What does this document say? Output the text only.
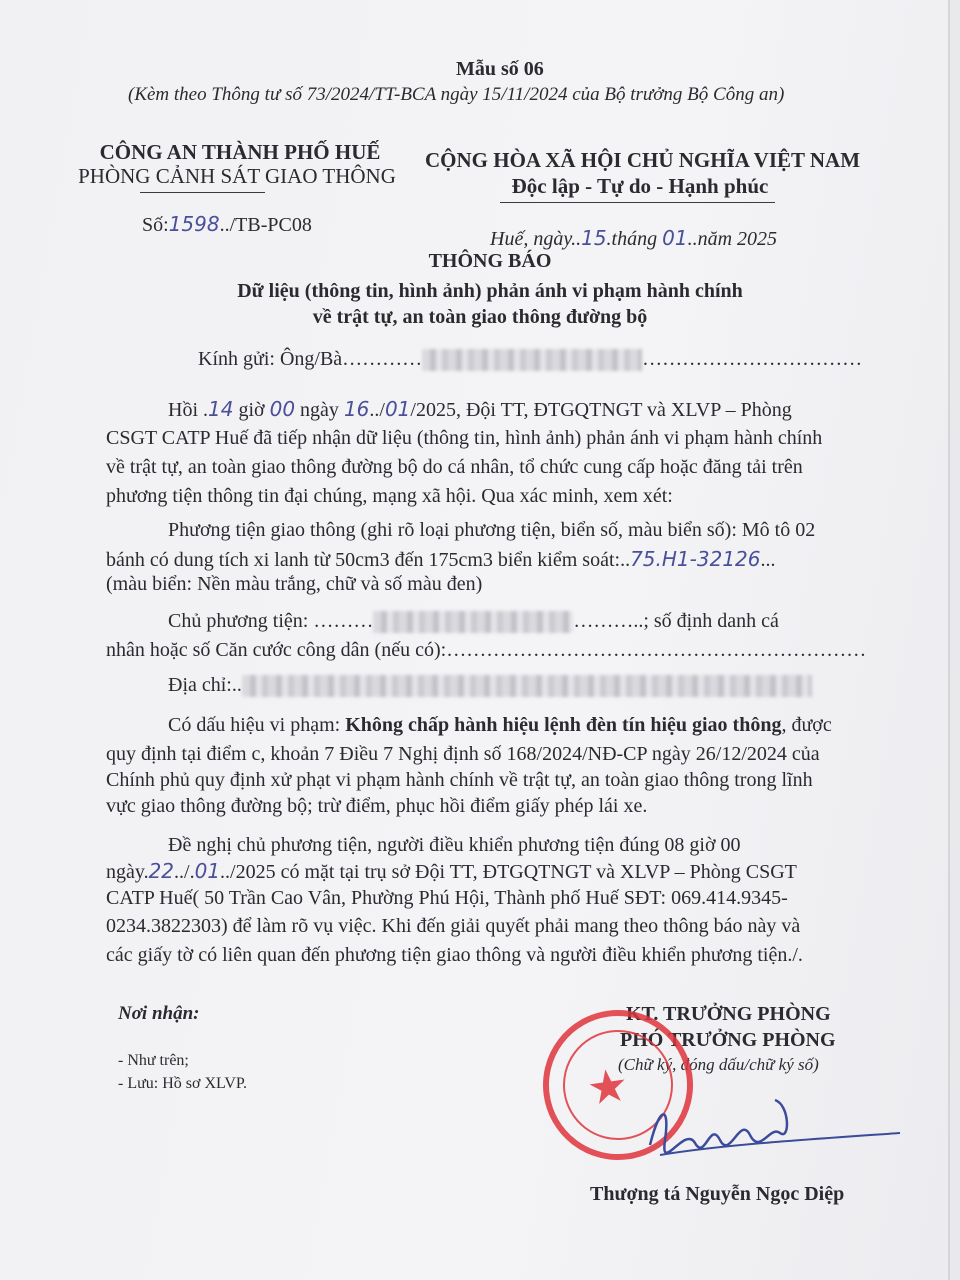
Mẫu số 06
(Kèm theo Thông tư số 73/2024/TT-BCA ngày 15/11/2024 của Bộ trưởng Bộ Công an)
CÔNG AN THÀNH PHỐ HUẾ
PHÒNG CẢNH SÁT GIAO THÔNG
Số:1598../TB-PC08
CỘNG HÒA XÃ HỘI CHỦ NGHĨA VIỆT NAM
Độc lập - Tự do - Hạnh phúc
Huế, ngày..15.tháng 01..năm 2025
THÔNG BÁO
Dữ liệu (thông tin, hình ảnh) phản ánh vi phạm hành chính
về trật tự, an toàn giao thông đường bộ
Kính gửi: Ông/Bà…………	……………………………
Hồi .14 giờ 00 ngày 16../01/2025, Đội TT, ĐTGQTNGT và XLVP – Phòng
CSGT CATP Huế đã tiếp nhận dữ liệu (thông tin, hình ảnh) phản ánh vi phạm hành chính
về trật tự, an toàn giao thông đường bộ do cá nhân, tổ chức cung cấp hoặc đăng tải trên
phương tiện thông tin đại chúng, mạng xã hội. Qua xác minh, xem xét:
Phương tiện giao thông (ghi rõ loại phương tiện, biển số, màu biển số): Mô tô 02
bánh có dung tích xi lanh từ 50cm3 đến 175cm3 biển kiểm soát:..75.H1-32126...
(màu biển: Nền màu trắng, chữ và số màu đen)
Chủ phương tiện: ………	………..; số định danh cá
nhân hoặc số Căn cước công dân (nếu có):………………………………………………………
Địa chỉ:..
Có dấu hiệu vi phạm: Không chấp hành hiệu lệnh đèn tín hiệu giao thông, được
quy định tại điểm c, khoản 7 Điều 7 Nghị định số 168/2024/NĐ-CP ngày 26/12/2024 của
Chính phủ quy định xử phạt vi phạm hành chính về trật tự, an toàn giao thông trong lĩnh
vực giao thông đường bộ; trừ điểm, phục hồi điểm giấy phép lái xe.
Đề nghị chủ phương tiện, người điều khiển phương tiện đúng 08 giờ 00
ngày.22../.01../2025 có mặt tại trụ sở Đội TT, ĐTGQTNGT và XLVP – Phòng CSGT
CATP Huế( 50 Trần Cao Vân, Phường Phú Hội, Thành phố Huế SĐT: 069.414.9345-
0234.3822303) để làm rõ vụ việc. Khi đến giải quyết phải mang theo thông báo này và
các giấy tờ có liên quan đến phương tiện giao thông và người điều khiển phương tiện./.
Nơi nhận:
- Như trên;
- Lưu: Hồ sơ XLVP.
KT. TRƯỞNG PHÒNG
PHÓ TRƯỞNG PHÒNG
(Chữ ký, đóng dấu/chữ ký số)
★
Thượng tá Nguyễn Ngọc Diệp
